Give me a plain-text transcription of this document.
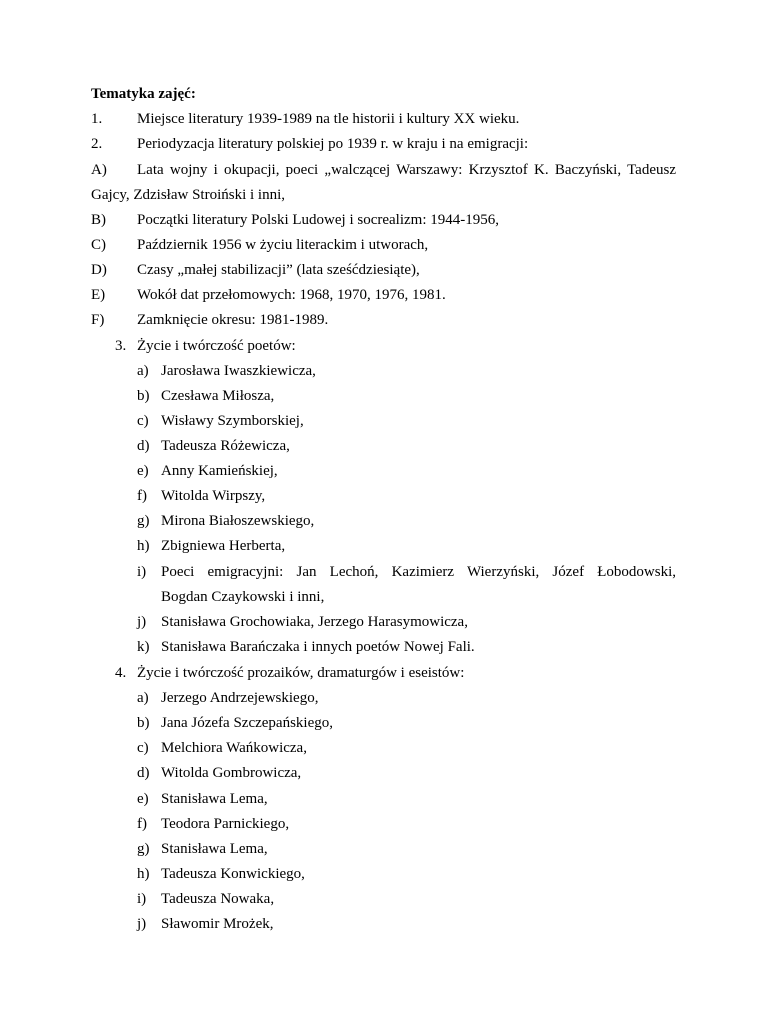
Tematyka zajęć:
1. Miejsce literatury 1939-1989 na tle historii i kultury XX wieku.
2. Periodyzacja literatury polskiej po 1939 r. w kraju i na emigracji:
A) Lata wojny i okupacji, poeci „walczącej Warszawy: Krzysztof K. Baczyński, Tadeusz
Gajcy, Zdzisław Stroiński i inni,
B) Początki literatury Polski Ludowej i socrealizm: 1944-1956,
C) Październik 1956 w życiu literackim i utworach,
D) Czasy „małej stabilizacji” (lata sześćdziesiąte),
E) Wokół dat przełomowych: 1968, 1970, 1976, 1981.
F) Zamknięcie okresu: 1981-1989.
3. Życie i twórczość poetów:
a) Jarosława Iwaszkiewicza,
b) Czesława Miłosza,
c) Wisławy Szymborskiej,
d) Tadeusza Różewicza,
e) Anny Kamieńskiej,
f) Witolda Wirpszy,
g) Mirona Białoszewskiego,
h) Zbigniewa Herberta,
i) Poeci emigracyjni: Jan Lechoń, Kazimierz Wierzyński, Józef Łobodowski,
Bogdan Czaykowski i inni,
j) Stanisława Grochowiaka, Jerzego Harasymowicza,
k) Stanisława Barańczaka i innych poetów Nowej Fali.
4. Życie i twórczość prozaików, dramaturgów i eseistów:
a) Jerzego Andrzejewskiego,
b) Jana Józefa Szczepańskiego,
c) Melchiora Wańkowicza,
d) Witolda Gombrowicza,
e) Stanisława Lema,
f) Teodora Parnickiego,
g) Stanisława Lema,
h) Tadeusza Konwickiego,
i) Tadeusza Nowaka,
j) Sławomir Mrożek,
